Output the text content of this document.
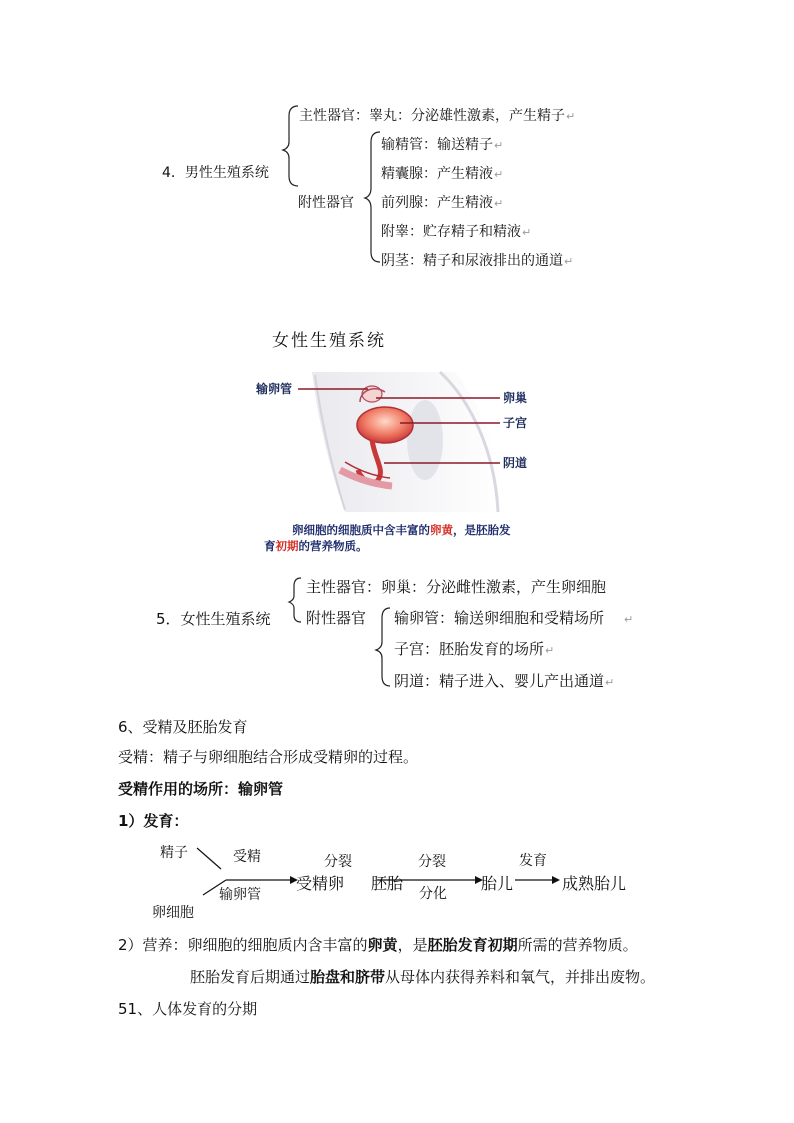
4．男性生殖系统
主性器官：睾丸：分泌雄性激素，产生精子↵
附性器官
输精管：输送精子↵
精囊腺：产生精液↵
前列腺：产生精液↵
附睾：贮存精子和精液↵
阴茎：精子和尿液排出的通道↵
女性生殖系统
输卵管
卵巢
子宫
阴道
卵细胞的细胞质中含丰富的卵黄，是胚胎发
育初期的营养物质。
5．女性生殖系统
主性器官：卵巢：分泌雌性激素，产生卵细胞
附性器官 输卵管：输送卵细胞和受精场所 ↵
子宫：胚胎发育的场所↵
阴道：精子进入、婴儿产出通道↵
6、受精及胚胎发育
受精：精子与卵细胞结合形成受精卵的过程。
受精作用的场所：输卵管
1）发育：
精子
卵细胞
受精
输卵管
分裂
受精卵 胚胎
分裂
分化
胎儿
发育
成熟胎儿
2）营养：卵细胞的细胞质内含丰富的卵黄，是胚胎发育初期所需的营养物质。
胚胎发育后期通过胎盘和脐带从母体内获得养料和氧气，并排出废物。
51、人体发育的分期
